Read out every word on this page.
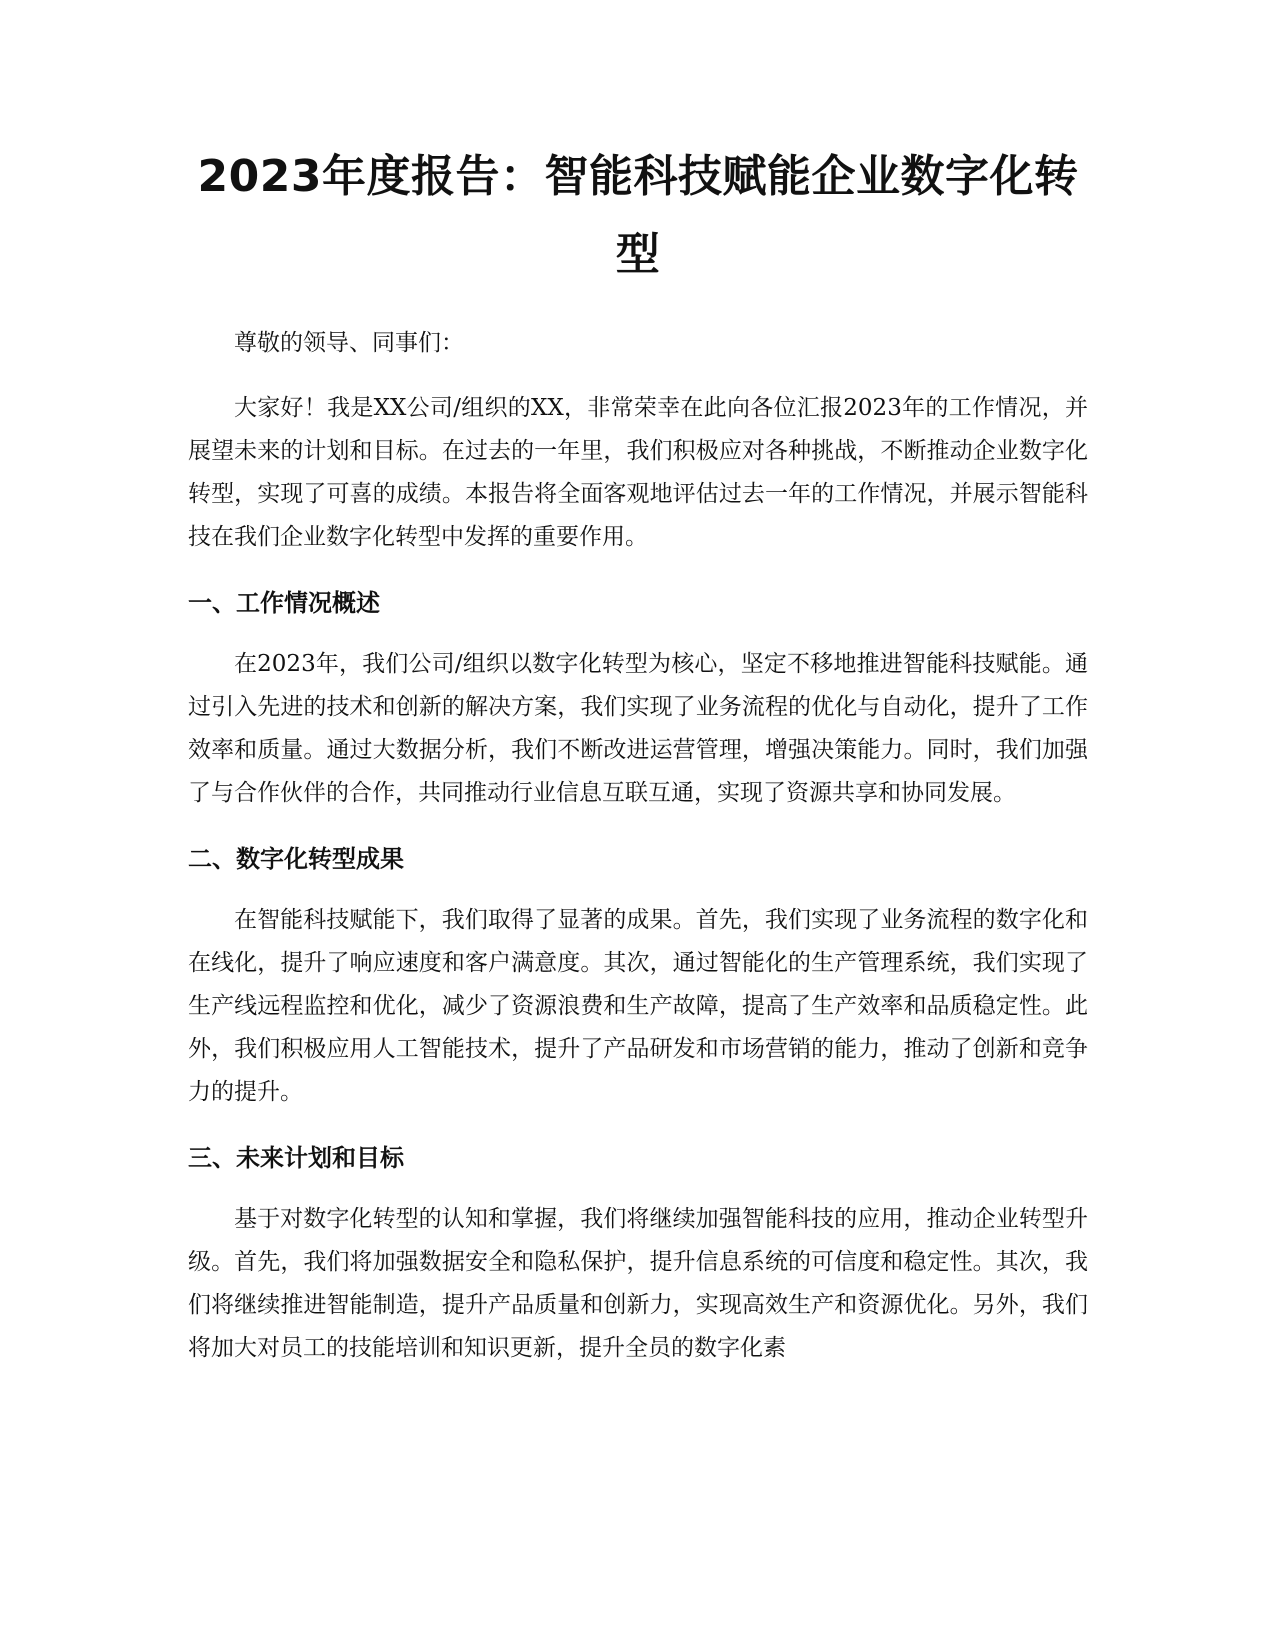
2023年度报告：智能科技赋能企业数字化转型

尊敬的领导、同事们：

大家好！我是XX公司/组织的XX，非常荣幸在此向各位汇报2023年的工作情况，并展望未来的计划和目标。在过去的一年里，我们积极应对各种挑战，不断推动企业数字化转型，实现了可喜的成绩。本报告将全面客观地评估过去一年的工作情况，并展示智能科技在我们企业数字化转型中发挥的重要作用。

一、工作情况概述

在2023年，我们公司/组织以数字化转型为核心，坚定不移地推进智能科技赋能。通过引入先进的技术和创新的解决方案，我们实现了业务流程的优化与自动化，提升了工作效率和质量。通过大数据分析，我们不断改进运营管理，增强决策能力。同时，我们加强了与合作伙伴的合作，共同推动行业信息互联互通，实现了资源共享和协同发展。

二、数字化转型成果

在智能科技赋能下，我们取得了显著的成果。首先，我们实现了业务流程的数字化和在线化，提升了响应速度和客户满意度。其次，通过智能化的生产管理系统，我们实现了生产线远程监控和优化，减少了资源浪费和生产故障，提高了生产效率和品质稳定性。此外，我们积极应用人工智能技术，提升了产品研发和市场营销的能力，推动了创新和竞争力的提升。

三、未来计划和目标

基于对数字化转型的认知和掌握，我们将继续加强智能科技的应用，推动企业转型升级。首先，我们将加强数据安全和隐私保护，提升信息系统的可信度和稳定性。其次，我们将继续推进智能制造，提升产品质量和创新力，实现高效生产和资源优化。另外，我们将加大对员工的技能培训和知识更新，提升全员的数字化素
